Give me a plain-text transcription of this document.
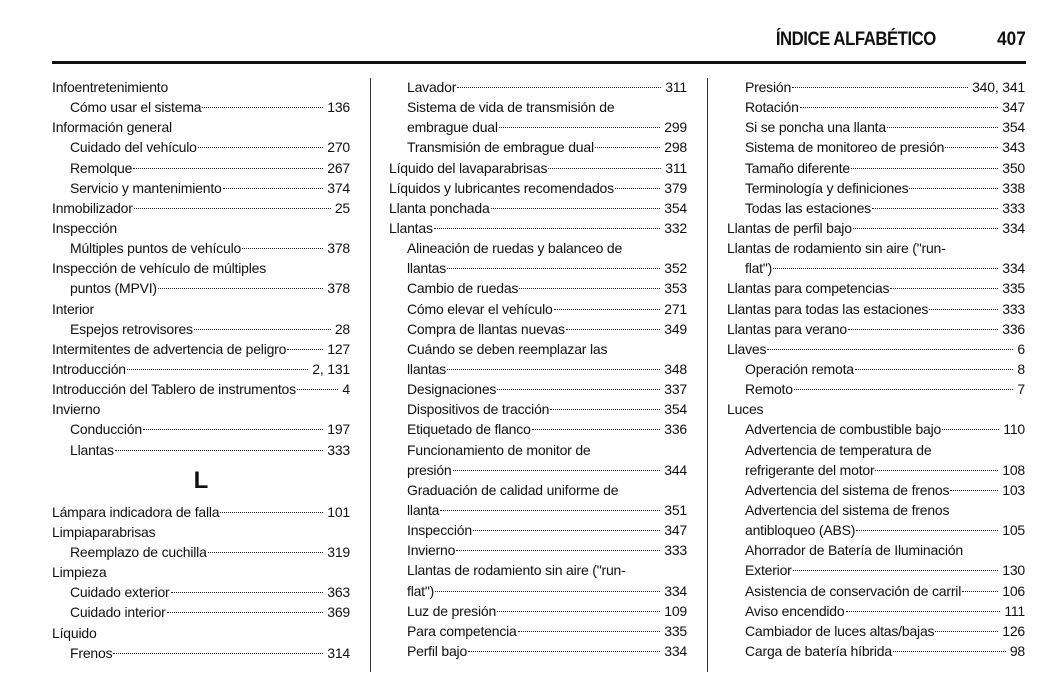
ÍNDICE ALFABÉTICO	407
Infoentretenimiento
Cómo usar el sistema	136
Información general
Cuidado del vehículo	270
Remolque	267
Servicio y mantenimiento	374
Inmobilizador	25
Inspección
Múltiples puntos de vehículo	378
Inspección de vehículo de múltiples
puntos (MPVI)	378
Interior
Espejos retrovisores	28
Intermitentes de advertencia de peligro	127
Introducción	2, 131
Introducción del Tablero de instrumentos	4
Invierno
Conducción	197
Llantas	333
L
Lámpara indicadora de falla	101
Limpiaparabrisas
Reemplazo de cuchilla	319
Limpieza
Cuidado exterior	363
Cuidado interior	369
Líquido
Frenos	314
Lavador	311
Sistema de vida de transmisión de
embrague dual	299
Transmisión de embrague dual	298
Líquido del lavaparabrisas	311
Líquidos y lubricantes recomendados	379
Llanta ponchada	354
Llantas	332
Alineación de ruedas y balanceo de
llantas	352
Cambio de ruedas	353
Cómo elevar el vehículo	271
Compra de llantas nuevas	349
Cuándo se deben reemplazar las
llantas	348
Designaciones	337
Dispositivos de tracción	354
Etiquetado de flanco	336
Funcionamiento de monitor de
presión	344
Graduación de calidad uniforme de
llanta	351
Inspección	347
Invierno	333
Llantas de rodamiento sin aire ("run-
flat")	334
Luz de presión	109
Para competencia	335
Perfil bajo	334
Presión	340, 341
Rotación	347
Si se poncha una llanta	354
Sistema de monitoreo de presión	343
Tamaño diferente	350
Terminología y definiciones	338
Todas las estaciones	333
Llantas de perfil bajo	334
Llantas de rodamiento sin aire ("run-
flat")	334
Llantas para competencias	335
Llantas para todas las estaciones	333
Llantas para verano	336
Llaves	6
Operación remota	8
Remoto	7
Luces
Advertencia de combustible bajo	110
Advertencia de temperatura de
refrigerante del motor	108
Advertencia del sistema de frenos	103
Advertencia del sistema de frenos
antibloqueo (ABS)	105
Ahorrador de Batería de Iluminación
Exterior	130
Asistencia de conservación de carril	106
Aviso encendido	111
Cambiador de luces altas/bajas	126
Carga de batería híbrida	98
